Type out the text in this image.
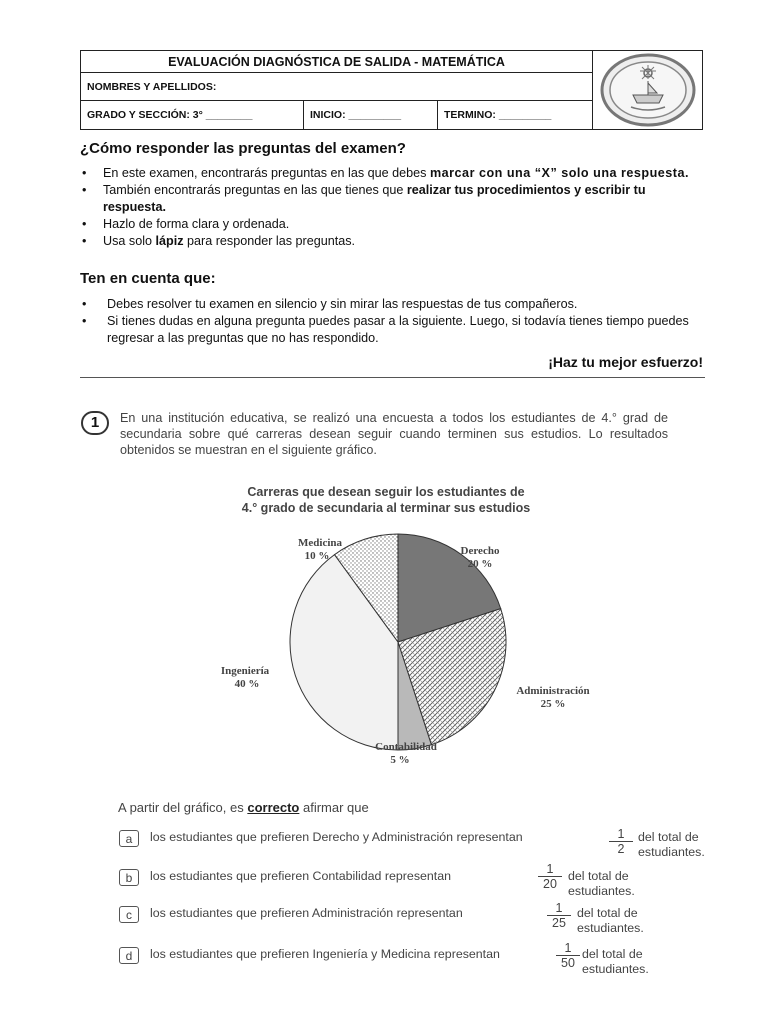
EVALUACIÓN DIAGNÓSTICA DE SALIDA - MATEMÁTICA
NOMBRES Y APELLIDOS:
GRADO Y SECCIÓN: 3° ________	INICIO: _________	TERMINO: _________
¿Cómo responder las preguntas del examen?
• En este examen, encontrarás preguntas en las que debes marcar con una “X” solo una respuesta.
• También encontrarás preguntas en las que tienes que realizar tus procedimientos y escribir tu respuesta.
• Hazlo de forma clara y ordenada.
• Usa solo lápiz para responder las preguntas.
Ten en cuenta que:
• Debes resolver tu examen en silencio y sin mirar las respuestas de tus compañeros.
• Si tienes dudas en alguna pregunta puedes pasar a la siguiente. Luego, si todavía tienes tiempo puedes regresar a las preguntas que no has respondido.
¡Haz tu mejor esfuerzo!
1	En una institución educativa, se realizó una encuesta a todos los estudiantes de 4.° grad de secundaria sobre qué carreras desean seguir cuando terminen sus estudios. Lo resultados obtenidos se muestran en el siguiente gráfico.
Carreras que desean seguir los estudiantes de
4.° grado de secundaria al terminar sus estudios
Derecho
20 %
Administración
25 %
Contabilidad
5 %
Ingeniería
40 %
Medicina
10 %
A partir del gráfico, es correcto afirmar que
a	los estudiantes que prefieren Derecho y Administración representan	$\frac{1}{2}$ del total de estudiantes.
b	los estudiantes que prefieren Contabilidad representan	$\frac{1}{20}$ del total de estudiantes.
c	los estudiantes que prefieren Administración representan	$\frac{1}{25}$ del total de estudiantes.
d	los estudiantes que prefieren Ingeniería y Medicina representan	$\frac{1}{50}$ del total de estudiantes.
